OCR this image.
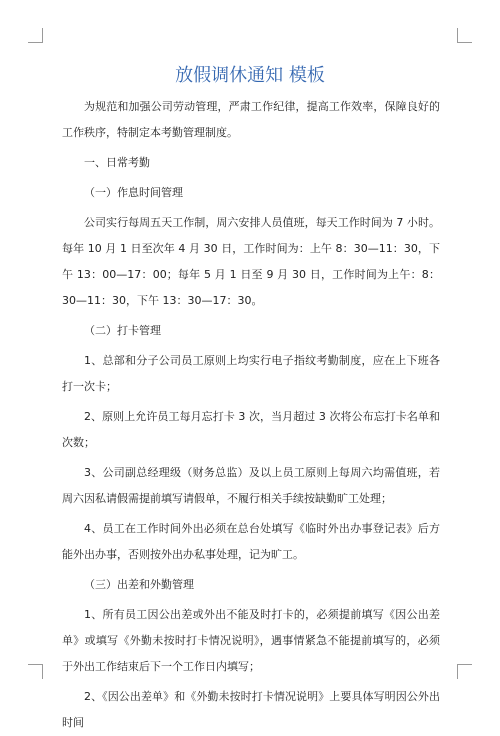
放假调休通知 模板

为规范和加强公司劳动管理，严肃工作纪律，提高工作效率，保障良好的工作秩序，特制定本考勤管理制度。

一、日常考勤

（一）作息时间管理

公司实行每周五天工作制，周六安排人员值班，每天工作时间为 7 小时。每年 10 月 1 日至次年 4 月 30 日，工作时间为：上午 8：30—11：30，下午 13：00—17：00；每年 5 月 1 日至 9 月 30 日，工作时间为上午：8：30—11：30，下午 13：30—17：30。

（二）打卡管理

1、总部和分子公司员工原则上均实行电子指纹考勤制度，应在上下班各打一次卡；

2、原则上允许员工每月忘打卡 3 次，当月超过 3 次将公布忘打卡名单和次数；

3、公司副总经理级（财务总监）及以上员工原则上每周六均需值班，若周六因私请假需提前填写请假单，不履行相关手续按缺勤旷工处理；

4、员工在工作时间外出必须在总台处填写《临时外出办事登记表》后方能外出办事，否则按外出办私事处理，记为旷工。

（三）出差和外勤管理

1、所有员工因公出差或外出不能及时打卡的，必须提前填写《因公出差单》或填写《外勤未按时打卡情况说明》，遇事情紧急不能提前填写的，必须于外出工作结束后下一个工作日内填写；

2、《因公出差单》和《外勤未按时打卡情况说明》上要具体写明因公外出时间
